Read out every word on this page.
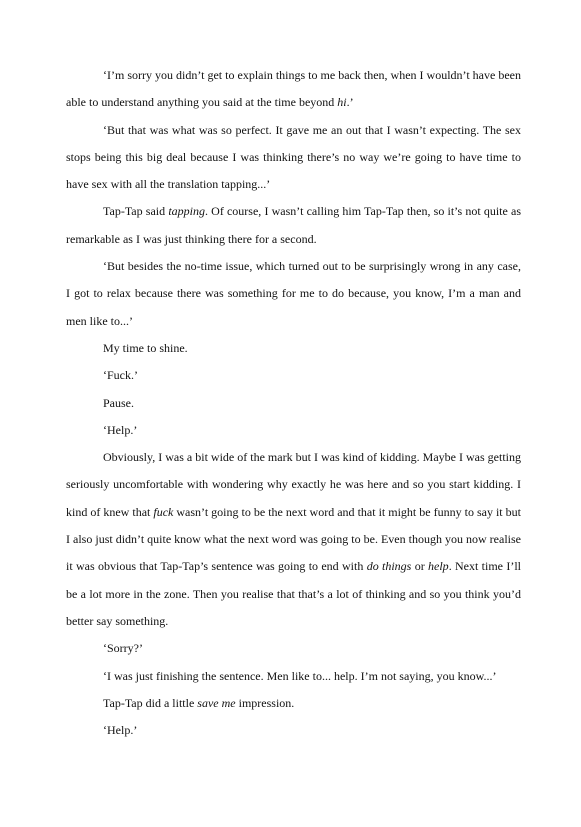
‘I’m sorry you didn’t get to explain things to me back then, when I wouldn’t have been able to understand anything you said at the time beyond hi.’

‘But that was what was so perfect. It gave me an out that I wasn’t expecting. The sex stops being this big deal because I was thinking there’s no way we’re going to have time to have sex with all the translation tapping...’

Tap-Tap said tapping. Of course, I wasn’t calling him Tap-Tap then, so it’s not quite as remarkable as I was just thinking there for a second.

‘But besides the no-time issue, which turned out to be surprisingly wrong in any case, I got to relax because there was something for me to do because, you know, I’m a man and men like to...’

My time to shine.

‘Fuck.’

Pause.

‘Help.’

Obviously, I was a bit wide of the mark but I was kind of kidding. Maybe I was getting seriously uncomfortable with wondering why exactly he was here and so you start kidding. I kind of knew that fuck wasn’t going to be the next word and that it might be funny to say it but I also just didn’t quite know what the next word was going to be. Even though you now realise it was obvious that Tap-Tap’s sentence was going to end with do things or help. Next time I’ll be a lot more in the zone. Then you realise that that’s a lot of thinking and so you think you’d better say something.

‘Sorry?’

‘I was just finishing the sentence. Men like to... help. I’m not saying, you know...’

Tap-Tap did a little save me impression.

‘Help.’
